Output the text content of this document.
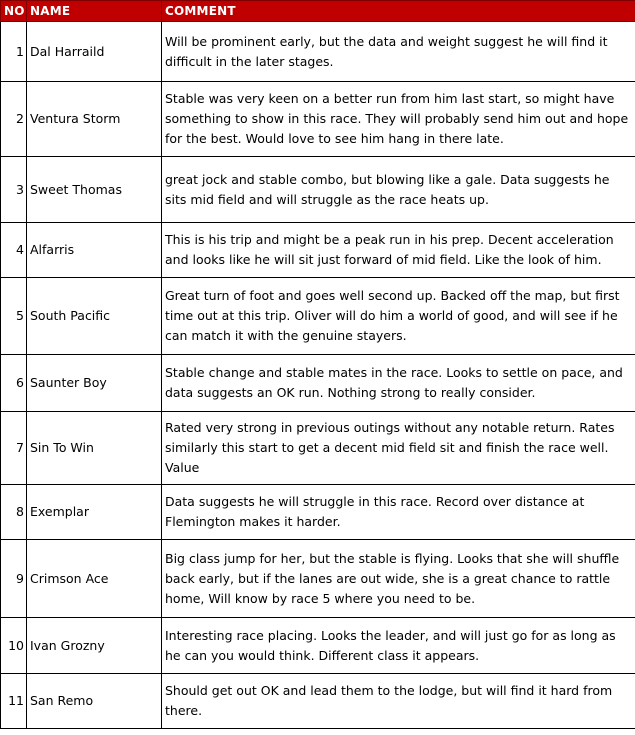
NO	NAME	COMMENT
1	Dal Harraild	Will be prominent early, but the data and weight suggest he will find it difficult in the later stages.
2	Ventura Storm	Stable was very keen on a better run from him last start, so might have something to show in this race. They will probably send him out and hope for the best. Would love to see him hang in there late.
3	Sweet Thomas	great jock and stable combo, but blowing like a gale. Data suggests he sits mid field and will struggle as the race heats up.
4	Alfarris	This is his trip and might be a peak run in his prep. Decent acceleration and looks like he will sit just forward of mid field. Like the look of him.
5	South Pacific	Great turn of foot and goes well second up. Backed off the map, but first time out at this trip. Oliver will do him a world of good, and will see if he can match it with the genuine stayers.
6	Saunter Boy	Stable change and stable mates in the race. Looks to settle on pace, and data suggests an OK run. Nothing strong to really consider.
7	Sin To Win	Rated very strong in previous outings without any notable return. Rates similarly this start to get a decent mid field sit and finish the race well. Value
8	Exemplar	Data suggests he will struggle in this race. Record over distance at Flemington makes it harder.
9	Crimson Ace	Big class jump for her, but the stable is flying. Looks that she will shuffle back early, but if the lanes are out wide, she is a great chance to rattle home, Will know by race 5 where you need to be.
10	Ivan Grozny	Interesting race placing. Looks the leader, and will just go for as long as he can you would think. Different class it appears.
11	San Remo	Should get out OK and lead them to the lodge, but will find it hard from there.
